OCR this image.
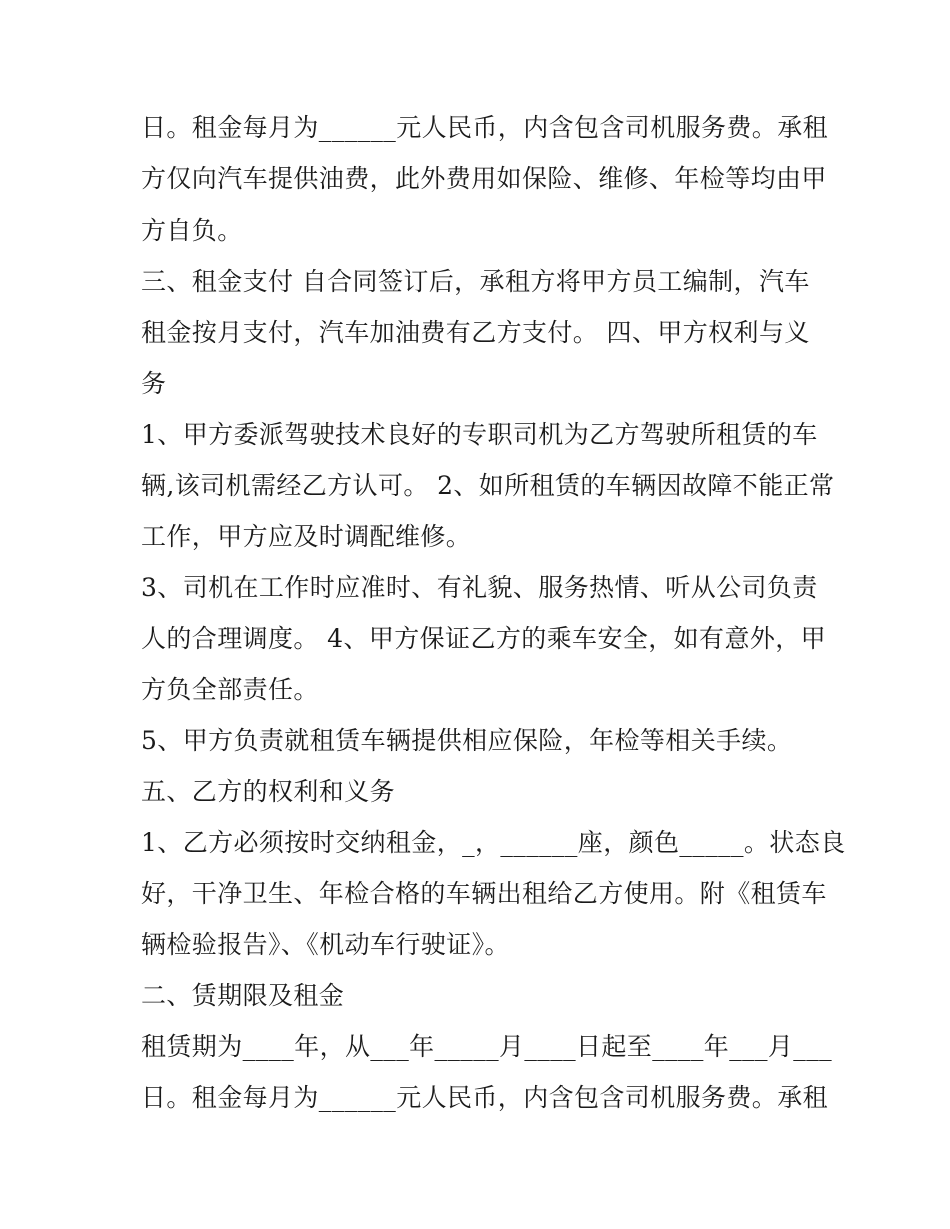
日。租金每月为______元人民币，内含包含司机服务费。承租
方仅向汽车提供油费，此外费用如保险、维修、年检等均由甲
方自负。
三、租金支付 自合同签订后，承租方将甲方员工编制，汽车
租金按月支付，汽车加油费有乙方支付。 四、甲方权利与义
务
1、甲方委派驾驶技术良好的专职司机为乙方驾驶所租赁的车
辆,该司机需经乙方认可。 2、如所租赁的车辆因故障不能正常
工作，甲方应及时调配维修。
3、司机在工作时应准时、有礼貌、服务热情、听从公司负责
人的合理调度。 4、甲方保证乙方的乘车安全，如有意外，甲
方负全部责任。
5、甲方负责就租赁车辆提供相应保险，年检等相关手续。
五、乙方的权利和义务
1、乙方必须按时交纳租金，_，______座，颜色_____。状态良
好，干净卫生、年检合格的车辆出租给乙方使用。附《租赁车
辆检验报告》、《机动车行驶证》。
二、赁期限及租金
租赁期为____年，从___年_____月____日起至____年___月___
日。租金每月为______元人民币，内含包含司机服务费。承租
